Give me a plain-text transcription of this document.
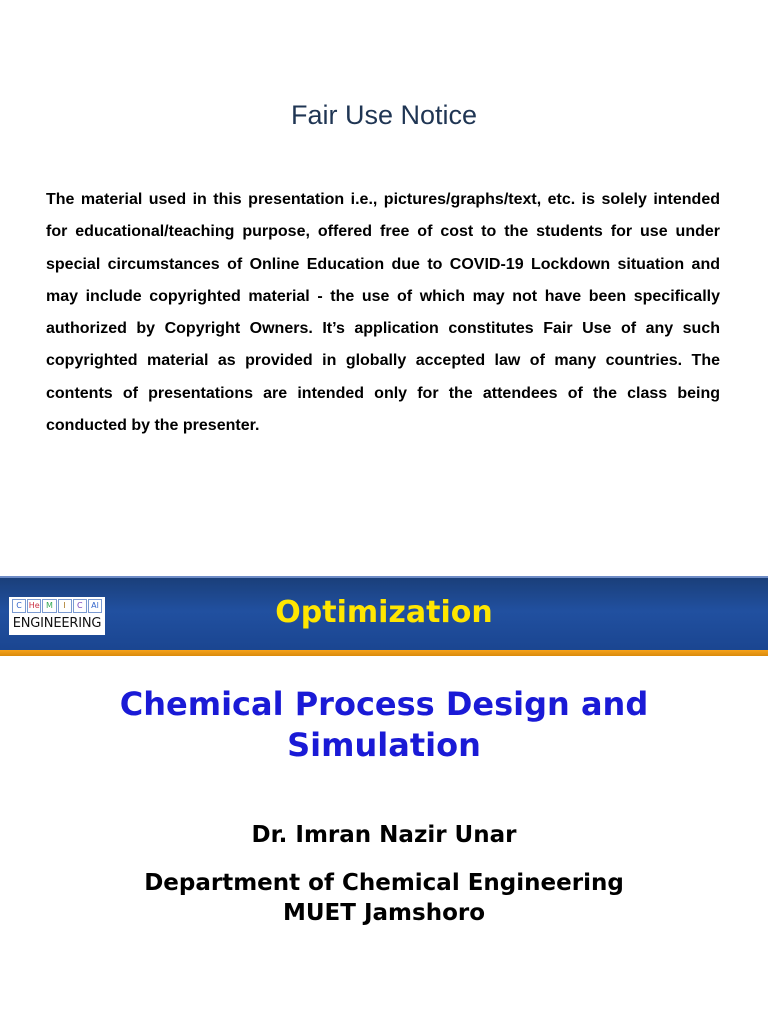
Fair Use Notice

The material used in this presentation i.e., pictures/graphs/text, etc. is solely intended for educational/teaching purpose, offered free of cost to the students for use under special circumstances of Online Education due to COVID-19 Lockdown situation and may include copyrighted material - the use of which may not have been specifically authorized by Copyright Owners. It’s application constitutes Fair Use of any such copyrighted material as provided in globally accepted law of many countries. The contents of presentations are intended only for the attendees of the class being conducted by the presenter.

C He M	I	C	Al
ENGINEERING	Optimization
Chemical Process Design and Simulation
Dr. Imran Nazir Unar
Department of Chemical Engineering
MUET Jamshoro
